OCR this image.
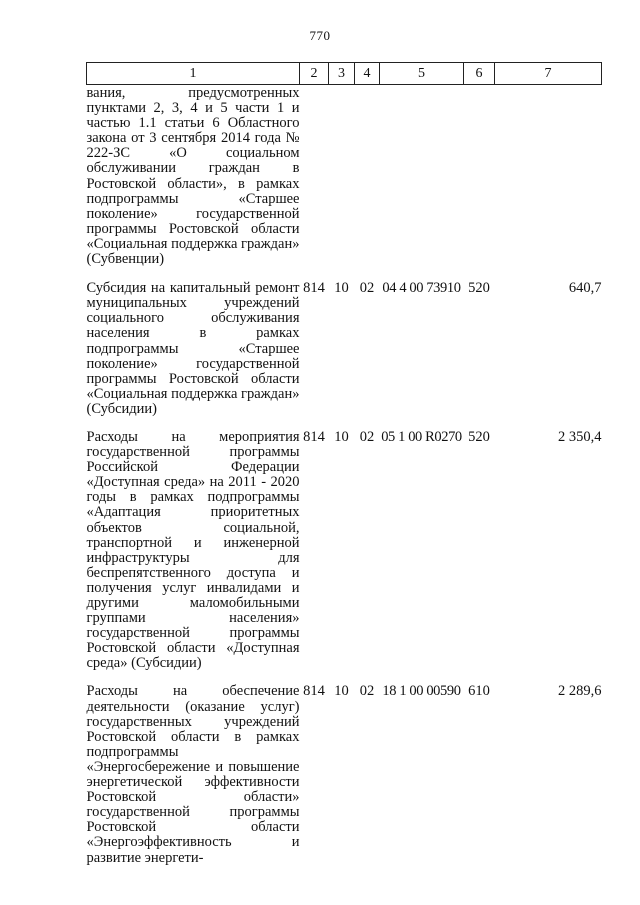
770
1	2	3	4	5	6	7
вания, предусмотренных пунктами 2, 3, 4 и 5 части 1 и частью 1.1 статьи 6 Областного закона от 3 сентября 2014 года № 222-ЗС «О социальном обслуживании граждан в Ростовской области», в рамках подпрограммы «Старшее поколение» государственной программы Ростовской области «Социальная поддержка граждан» (Субвенции)						
Субсидия на капитальный ремонт муниципальных учреждений социального обслуживания населения в рамках подпрограммы «Старшее поколение» государственной программы Ростовской области «Социальная поддержка граждан» (Субсидии)	814	10	02	04 4 00 73910	520	640,7
Расходы на мероприятия государственной программы Российской Федерации «Доступная среда» на 2011 - 2020 годы в рамках подпрограммы «Адаптация приоритетных объектов социальной, транспортной и инженерной инфраструктуры для беспрепятственного доступа и получения услуг инвалидами и другими маломобильными группами населения» государственной программы Ростовской области «Доступная среда» (Субсидии)	814	10	02	05 1 00 R0270	520	2 350,4
Расходы на обеспечение деятельности (оказание услуг) государственных учреждений Ростовской области в рамках подпрограммы «Энергосбережение и повышение энергетической эффективности Ростовской области» государственной программы Ростовской области «Энергоэффективность и развитие энергети-	814	10	02	18 1 00 00590	610	2 289,6
